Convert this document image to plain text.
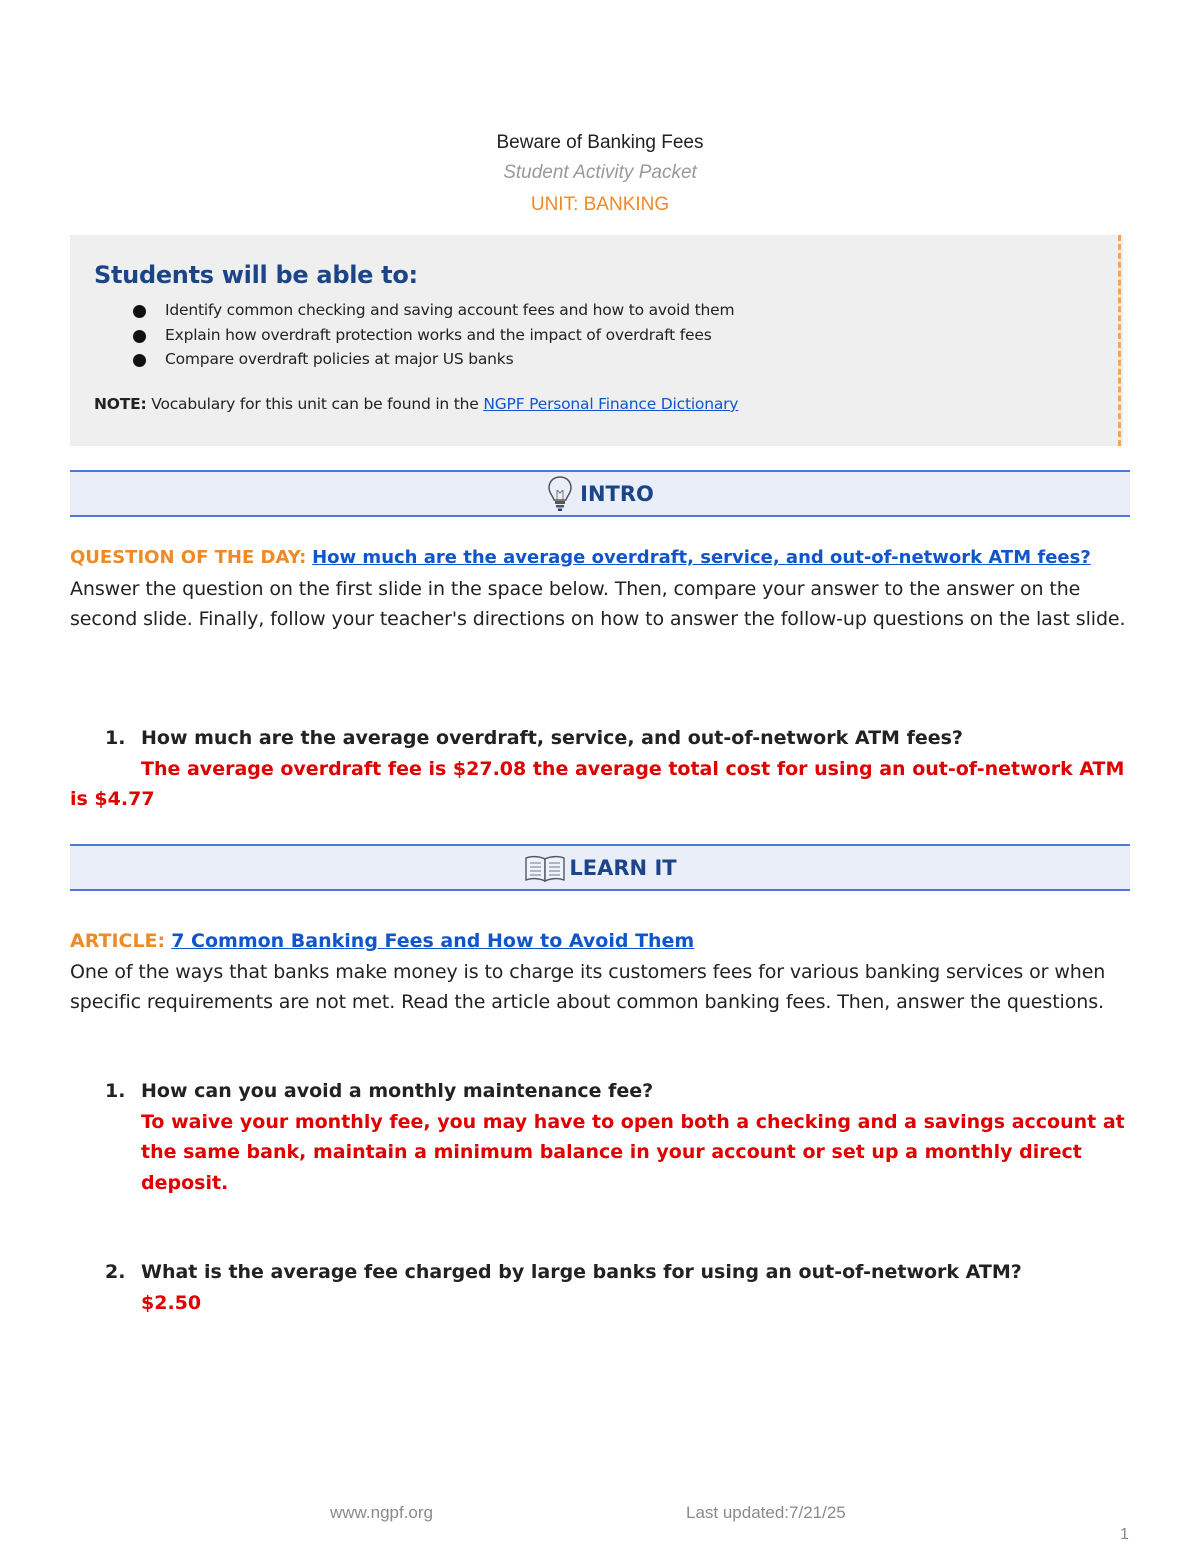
Beware of Banking Fees
Student Activity Packet
UNIT: BANKING
Students will be able to:
Identify common checking and saving account fees and how to avoid them
Explain how overdraft protection works and the impact of overdraft fees
Compare overdraft policies at major US banks
NOTE: Vocabulary for this unit can be found in the NGPF Personal Finance Dictionary
INTRO
QUESTION OF THE DAY: How much are the average overdraft, service, and out-of-network ATM fees?
Answer the question on the first slide in the space below. Then, compare your answer to the answer on the second slide. Finally, follow your teacher's directions on how to answer the follow-up questions on the last slide.
1. How much are the average overdraft, service, and out-of-network ATM fees?
The average overdraft fee is $27.08 the average total cost for using an out-of-network ATM is $4.77
LEARN IT
ARTICLE: 7 Common Banking Fees and How to Avoid Them
One of the ways that banks make money is to charge its customers fees for various banking services or when specific requirements are not met. Read the article about common banking fees. Then, answer the questions.
1. How can you avoid a monthly maintenance fee?
To waive your monthly fee, you may have to open both a checking and a savings account at the same bank, maintain a minimum balance in your account or set up a monthly direct deposit.
2. What is the average fee charged by large banks for using an out-of-network ATM?
$2.50
www.ngpf.org	Last updated:7/21/25
1
